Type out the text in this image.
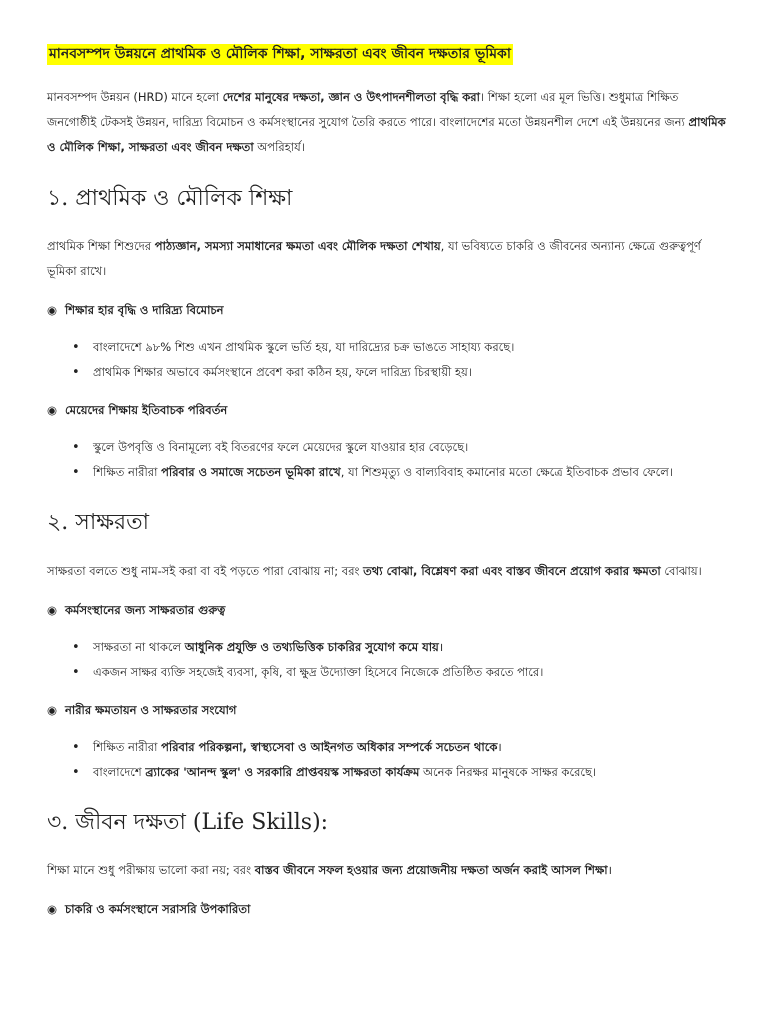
মানবসম্পদ উন্নয়নে প্রাথমিক ও মৌলিক শিক্ষা, সাক্ষরতা এবং জীবন দক্ষতার ভূমিকা

মানবসম্পদ উন্নয়ন (HRD) মানে হলো দেশের মানুষের দক্ষতা, জ্ঞান ও উৎপাদনশীলতা বৃদ্ধি করা। শিক্ষা হলো এর মূল ভিত্তি। শুধুমাত্র শিক্ষিত জনগোষ্ঠীই টেকসই উন্নয়ন, দারিদ্র্য বিমোচন ও কর্মসংস্থানের সুযোগ তৈরি করতে পারে। বাংলাদেশের মতো উন্নয়নশীল দেশে এই উন্নয়নের জন্য প্রাথমিক ও মৌলিক শিক্ষা, সাক্ষরতা এবং জীবন দক্ষতা অপরিহার্য।

১. প্রাথমিক ও মৌলিক শিক্ষা

প্রাথমিক শিক্ষা শিশুদের পাঠ্যজ্ঞান, সমস্যা সমাধানের ক্ষমতা এবং মৌলিক দক্ষতা শেখায়, যা ভবিষ্যতে চাকরি ও জীবনের অন্যান্য ক্ষেত্রে গুরুত্বপূর্ণ ভূমিকা রাখে।

◉ শিক্ষার হার বৃদ্ধি ও দারিদ্র্য বিমোচন
• বাংলাদেশে ৯৮% শিশু এখন প্রাথমিক স্কুলে ভর্তি হয়, যা দারিদ্র্যের চক্র ভাঙতে সাহায্য করছে।
• প্রাথমিক শিক্ষার অভাবে কর্মসংস্থানে প্রবেশ করা কঠিন হয়, ফলে দারিদ্র্য চিরস্থায়ী হয়।
◉ মেয়েদের শিক্ষায় ইতিবাচক পরিবর্তন
• স্কুলে উপবৃত্তি ও বিনামূল্যে বই বিতরণের ফলে মেয়েদের স্কুলে যাওয়ার হার বেড়েছে।
• শিক্ষিত নারীরা পরিবার ও সমাজে সচেতন ভূমিকা রাখে, যা শিশুমৃত্যু ও বাল্যবিবাহ কমানোর মতো ক্ষেত্রে ইতিবাচক প্রভাব ফেলে।
২. সাক্ষরতা

সাক্ষরতা বলতে শুধু নাম-সই করা বা বই পড়তে পারা বোঝায় না; বরং তথ্য বোঝা, বিশ্লেষণ করা এবং বাস্তব জীবনে প্রয়োগ করার ক্ষমতা বোঝায়।

◉ কর্মসংস্থানের জন্য সাক্ষরতার গুরুত্ব
• সাক্ষরতা না থাকলে আধুনিক প্রযুক্তি ও তথ্যভিত্তিক চাকরির সুযোগ কমে যায়।
• একজন সাক্ষর ব্যক্তি সহজেই ব্যবসা, কৃষি, বা ক্ষুদ্র উদ্যোক্তা হিসেবে নিজেকে প্রতিষ্ঠিত করতে পারে।
◉ নারীর ক্ষমতায়ন ও সাক্ষরতার সংযোগ
• শিক্ষিত নারীরা পরিবার পরিকল্পনা, স্বাস্থ্যসেবা ও আইনগত অধিকার সম্পর্কে সচেতন থাকে।
• বাংলাদেশে ব্র্যাকের 'আনন্দ স্কুল' ও সরকারি প্রাপ্তবয়স্ক সাক্ষরতা কার্যক্রম অনেক নিরক্ষর মানুষকে সাক্ষর করেছে।
৩. জীবন দক্ষতা (Life Skills):

শিক্ষা মানে শুধু পরীক্ষায় ভালো করা নয়; বরং বাস্তব জীবনে সফল হওয়ার জন্য প্রয়োজনীয় দক্ষতা অর্জন করাই আসল শিক্ষা।

◉ চাকরি ও কর্মসংস্থানে সরাসরি উপকারিতা
